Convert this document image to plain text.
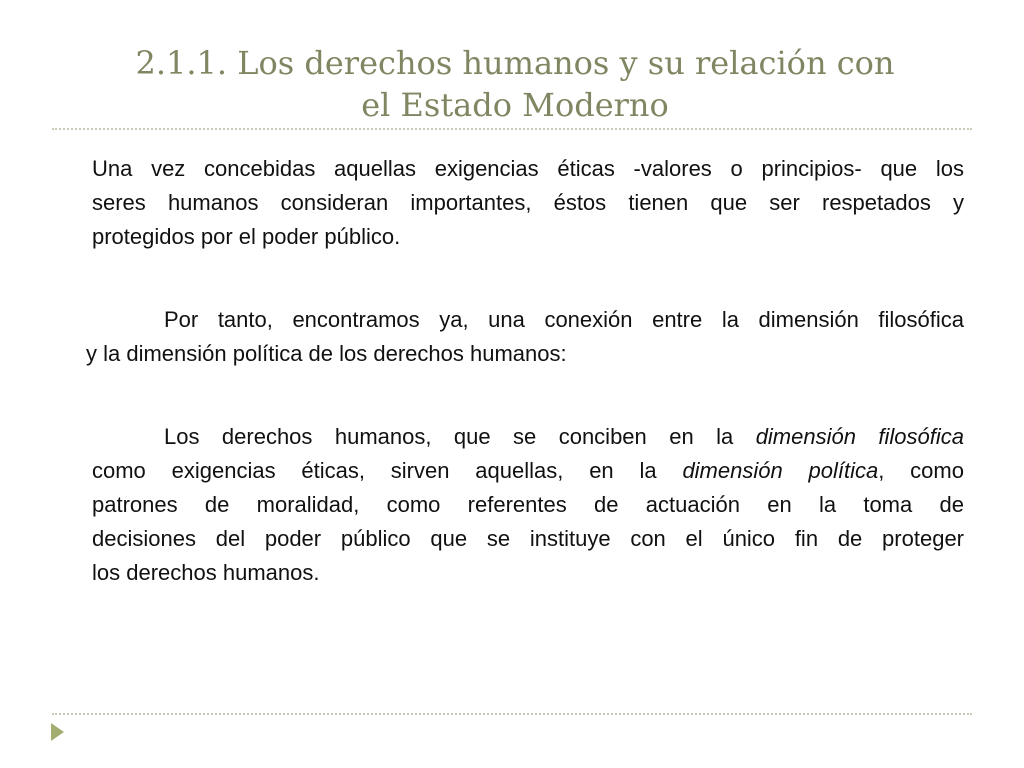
2.1.1. Los derechos humanos y su relación con
el Estado Moderno

Una vez concebidas aquellas exigencias éticas -valores o principios- que los
seres humanos consideran importantes, éstos tienen que ser respetados y
protegidos por el poder público.

Por tanto, encontramos ya, una conexión entre la dimensión filosófica
y la dimensión política de los derechos humanos:

Los derechos humanos, que se conciben en la dimensión filosófica
como exigencias éticas, sirven aquellas, en la dimensión política, como
patrones de moralidad, como referentes de actuación en la toma de
decisiones del poder público que se instituye con el único fin de proteger
los derechos humanos.
